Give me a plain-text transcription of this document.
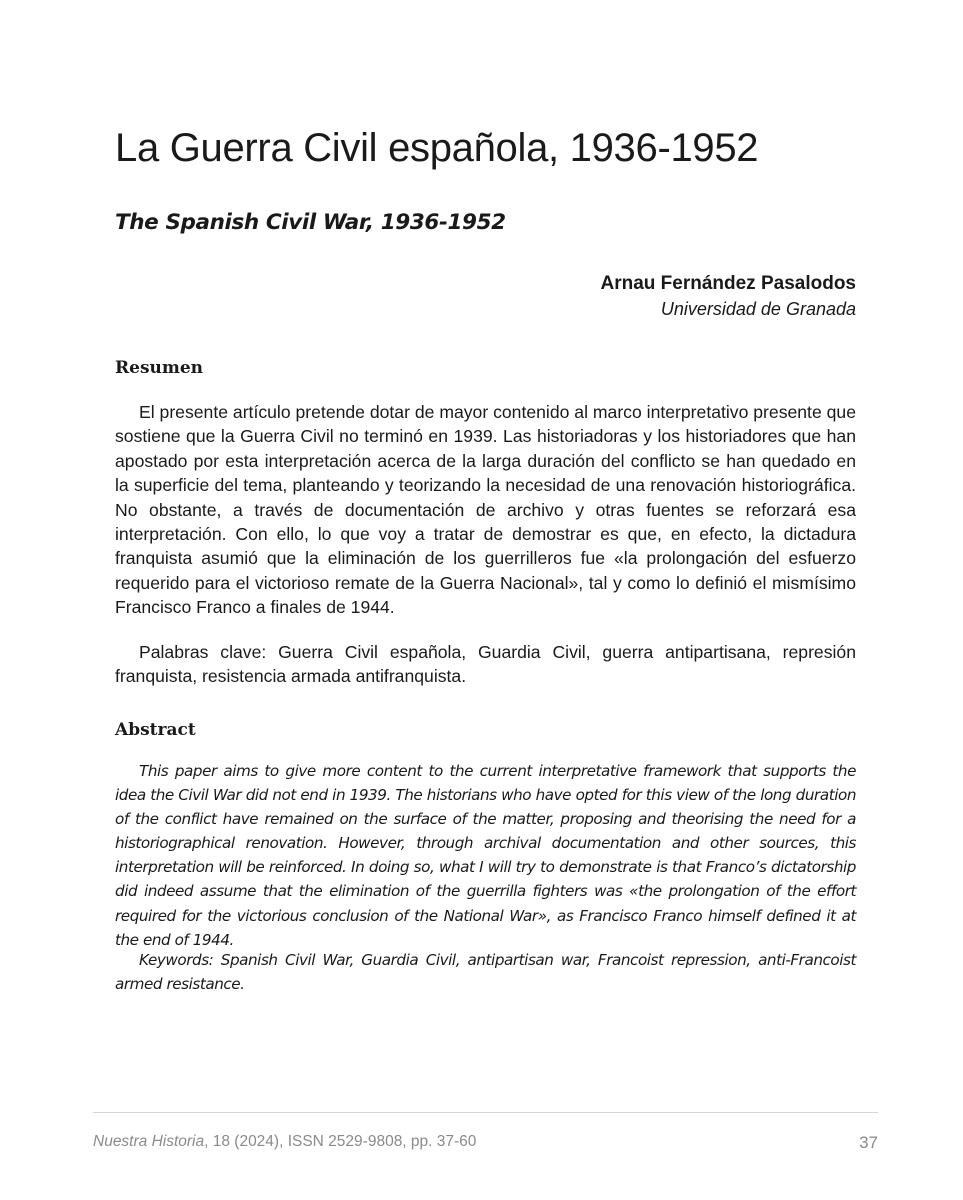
La Guerra Civil española, 1936-1952
The Spanish Civil War, 1936-1952
Arnau Fernández Pasalodos
Universidad de Granada
Resumen

El presente artículo pretende dotar de mayor contenido al marco interpretativo presente que sostiene que la Guerra Civil no terminó en 1939. Las historiadoras y los historiadores que han apostado por esta interpretación acerca de la larga duración del conflicto se han quedado en la superficie del tema, planteando y teorizando la necesidad de una renovación historiográfica. No obstante, a través de documentación de archivo y otras fuentes se reforzará esa interpretación. Con ello, lo que voy a tratar de demostrar es que, en efecto, la dictadura franquista asumió que la eliminación de los guerrilleros fue «la prolongación del esfuerzo requerido para el victorioso remate de la Guerra Nacional», tal y como lo definió el mismísimo Francisco Franco a finales de 1944.

Palabras clave: Guerra Civil española, Guardia Civil, guerra antipartisana, represión franquista, resistencia armada antifranquista.

Abstract

This paper aims to give more content to the current interpretative framework that supports the idea the Civil War did not end in 1939. The historians who have opted for this view of the long duration of the conflict have remained on the surface of the matter, proposing and theorising the need for a historiographical renovation. However, through archival documentation and other sources, this interpretation will be reinforced. In doing so, what I will try to demonstrate is that Franco’s dictatorship did indeed assume that the elimination of the guerrilla fighters was «the prolongation of the effort required for the victorious conclusion of the National War», as Francisco Franco himself defined it at the end of 1944.

Keywords: Spanish Civil War, Guardia Civil, antipartisan war, Francoist repression, anti-Francoist armed resistance.

Nuestra Historia, 18 (2024), ISSN 2529-9808, pp. 37-60	37
